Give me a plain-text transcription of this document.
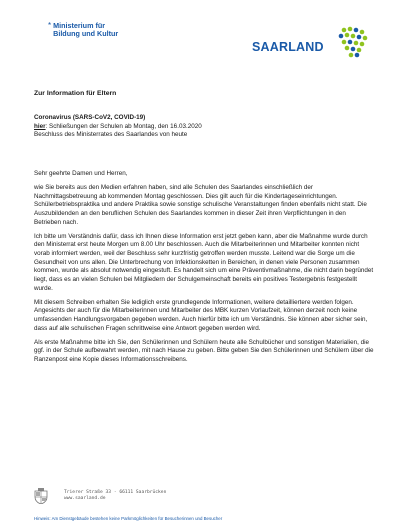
* Ministerium für
Bildung und Kultur
SAARLAND
Zur Information für Eltern
Coronavirus (SARS-CoV2, COVID-19)
hier: Schließungen der Schulen ab Montag, den 16.03.2020
Beschluss des Ministerrates des Saarlandes von heute

Sehr geehrte Damen und Herren,

wie Sie bereits aus den Medien erfahren haben, sind alle Schulen des Saarlandes einschließlich der Nachmittagsbetreuung ab kommenden Montag geschlossen. Dies gilt auch für die Kindertageseinrichtungen. Schülerbetriebspraktika und andere Praktika sowie sonstige schulische Veranstaltungen finden ebenfalls nicht statt. Die Auszubildenden an den beruflichen Schulen des Saarlandes kommen in dieser Zeit ihren Verpflichtungen in den Betrieben nach.

Ich bitte um Verständnis dafür, dass ich Ihnen diese Information erst jetzt geben kann, aber die Maßnahme wurde durch den Ministerrat erst heute Morgen um 8.00 Uhr beschlossen. Auch die Mitarbeiterinnen und Mitarbeiter konnten nicht vorab informiert werden, weil der Beschluss sehr kurzfristig getroffen werden musste. Leitend war die Sorge um die Gesundheit von uns allen. Die Unterbrechung von Infektionsketten in Bereichen, in denen viele Personen zusammen kommen, wurde als absolut notwendig eingestuft. Es handelt sich um eine Präventivmaßnahme, die nicht darin begründet liegt, dass es an vielen Schulen bei Mitgliedern der Schulgemeinschaft bereits ein positives Testergebnis festgestellt wurde.

Mit diesem Schreiben erhalten Sie lediglich erste grundlegende Informationen, weitere detailliertere werden folgen. Angesichts der auch für die Mitarbeiterinnen und Mitarbeiter des MBK kurzen Vorlaufzeit, können derzeit noch keine umfassenden Handlungsvorgaben gegeben werden. Auch hierfür bitte ich um Verständnis. Sie können aber sicher sein, dass auf alle schulischen Fragen schrittweise eine Antwort gegeben werden wird.

Als erste Maßnahme bitte ich Sie, den Schülerinnen und Schülern heute alle Schulbücher und sonstigen Materialien, die ggf. in der Schule aufbewahrt werden, mit nach Hause zu geben. Bitte geben Sie den Schülerinnen und Schülern über die Ranzenpost eine Kopie dieses Informationsschreibens.

Trierer Straße 33 · 66111 Saarbrücken
www.saarland.de
Hinweis: Am Dienstgebäude bestehen keine Parkmöglichkeiten für Besucherinnen und Besucher
